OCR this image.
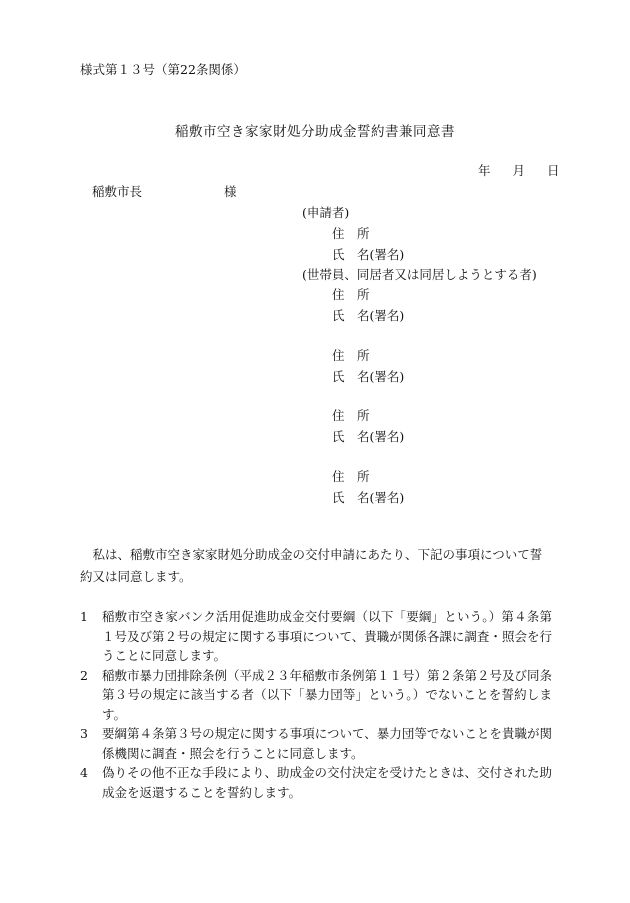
様式第１３号（第22条関係）
稲敷市空き家家財処分助成金誓約書兼同意書
年 月 日
稲敷市長	様
(申請者)
住　所
氏　名(署名)
(世帯員、同居者又は同居しようとする者)
住　所
氏　名(署名)
住　所
氏　名(署名)
住　所
氏　名(署名)
住　所
氏　名(署名)
私は、稲敷市空き家家財処分助成金の交付申請にあたり、下記の事項について誓約又は同意します。
1	稲敷市空き家バンク活用促進助成金交付要綱（以下「要綱」という。）第４条第１号及び第２号の規定に関する事項について、貴職が関係各課に調査・照会を行うことに同意します。
2	稲敷市暴力団排除条例（平成２３年稲敷市条例第１１号）第２条第２号及び同条第３号の規定に該当する者（以下「暴力団等」という。）でないことを誓約します。
3	要綱第４条第３号の規定に関する事項について、暴力団等でないことを貴職が関係機関に調査・照会を行うことに同意します。
4	偽りその他不正な手段により、助成金の交付決定を受けたときは、交付された助成金を返還することを誓約します。
